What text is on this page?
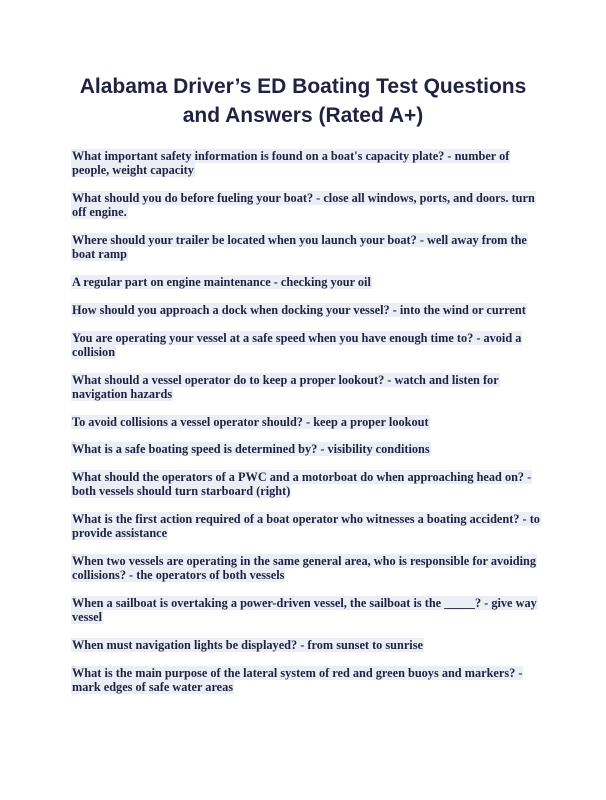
Alabama Driver’s ED Boating Test Questions
and Answers (Rated A+)
What important safety information is found on a boat's capacity plate? - number of people, weight capacity
What should you do before fueling your boat? - close all windows, ports, and doors. turn off engine.
Where should your trailer be located when you launch your boat? - well away from the boat ramp
A regular part on engine maintenance - checking your oil
How should you approach a dock when docking your vessel? - into the wind or current
You are operating your vessel at a safe speed when you have enough time to? - avoid a collision
What should a vessel operator do to keep a proper lookout? - watch and listen for navigation hazards
To avoid collisions a vessel operator should? - keep a proper lookout
What is a safe boating speed is determined by? - visibility conditions
What should the operators of a PWC and a motorboat do when approaching head on? - both vessels should turn starboard (right)
What is the first action required of a boat operator who witnesses a boating accident? - to provide assistance
When two vessels are operating in the same general area, who is responsible for avoiding collisions? - the operators of both vessels
When a sailboat is overtaking a power-driven vessel, the sailboat is the _____? - give way vessel
When must navigation lights be displayed? - from sunset to sunrise
What is the main purpose of the lateral system of red and green buoys and markers? - mark edges of safe water areas
